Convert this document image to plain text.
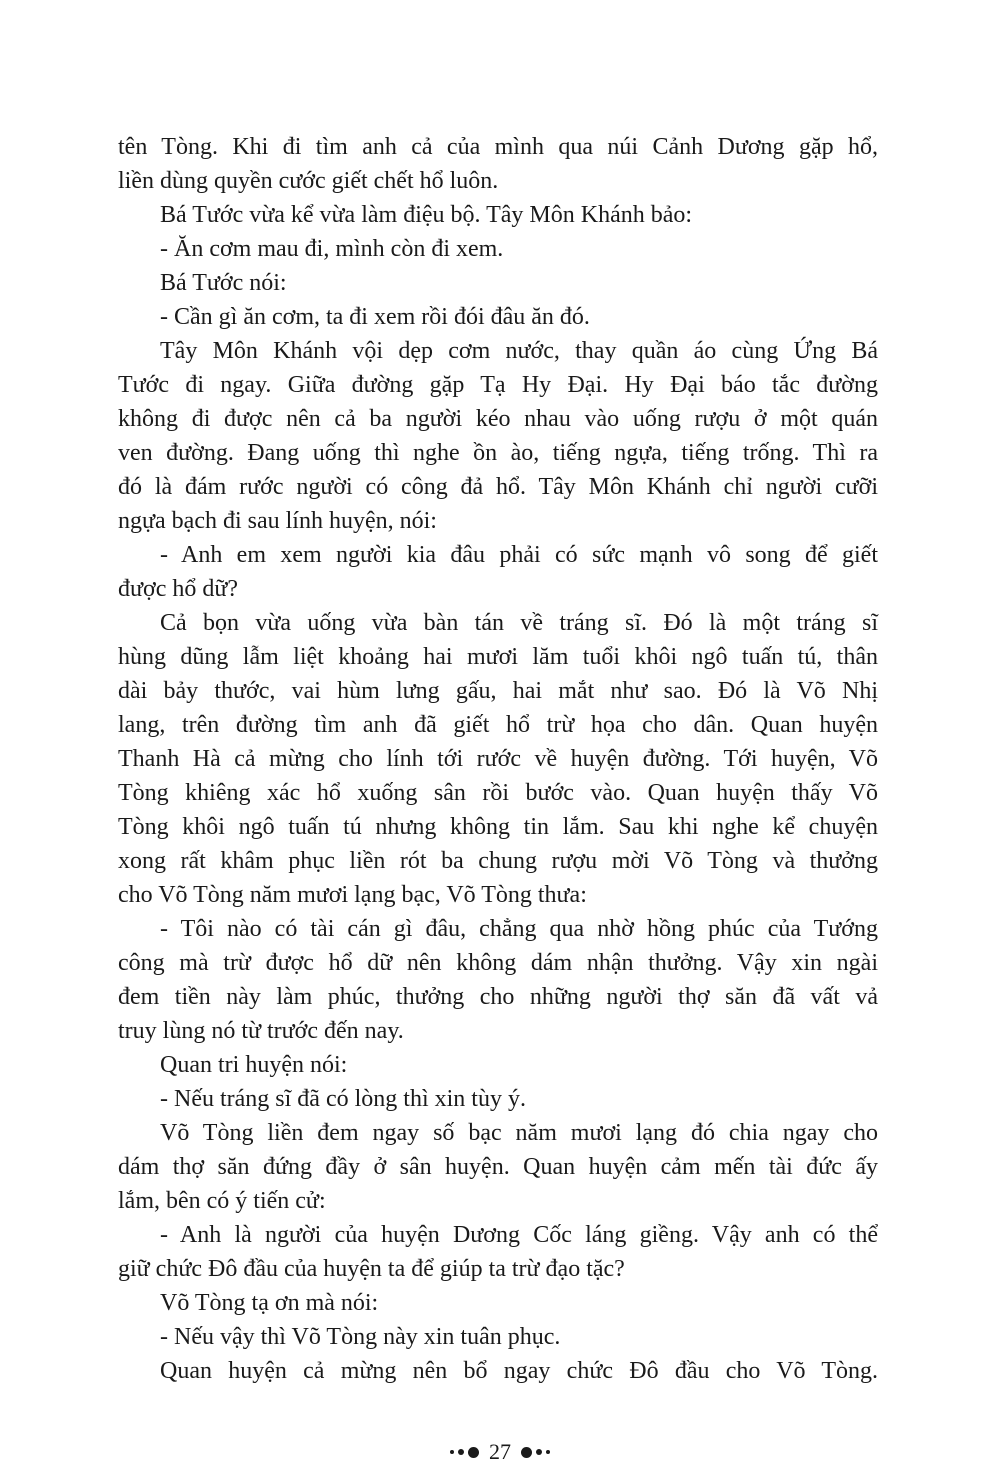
tên Tòng. Khi đi tìm anh cả của mình qua núi Cảnh Dương gặp hổ,
liền dùng quyền cước giết chết hổ luôn.
Bá Tước vừa kể vừa làm điệu bộ. Tây Môn Khánh bảo:
- Ăn cơm mau đi, mình còn đi xem.
Bá Tước nói:
- Cần gì ăn cơm, ta đi xem rồi đói đâu ăn đó.
Tây Môn Khánh vội dẹp cơm nước, thay quần áo cùng Ứng Bá
Tước đi ngay. Giữa đường gặp Tạ Hy Đại. Hy Đại báo tắc đường
không đi được nên cả ba người kéo nhau vào uống rượu ở một quán
ven đường. Đang uống thì nghe ồn ào, tiếng ngựa, tiếng trống. Thì ra
đó là đám rước người có công đả hổ. Tây Môn Khánh chỉ người cưỡi
ngựa bạch đi sau lính huyện, nói:
- Anh em xem người kia đâu phải có sức mạnh vô song để giết
được hổ dữ?
Cả bọn vừa uống vừa bàn tán về tráng sĩ. Đó là một tráng sĩ
hùng dũng lẫm liệt khoảng hai mươi lăm tuổi khôi ngô tuấn tú, thân
dài bảy thước, vai hùm lưng gấu, hai mắt như sao. Đó là Võ Nhị
lang, trên đường tìm anh đã giết hổ trừ họa cho dân. Quan huyện
Thanh Hà cả mừng cho lính tới rước về huyện đường. Tới huyện, Võ
Tòng khiêng xác hổ xuống sân rồi bước vào. Quan huyện thấy Võ
Tòng khôi ngô tuấn tú nhưng không tin lắm. Sau khi nghe kể chuyện
xong rất khâm phục liền rót ba chung rượu mời Võ Tòng và thưởng
cho Võ Tòng năm mươi lạng bạc, Võ Tòng thưa:
- Tôi nào có tài cán gì đâu, chẳng qua nhờ hồng phúc của Tướng
công mà trừ được hổ dữ nên không dám nhận thưởng. Vậy xin ngài
đem tiền này làm phúc, thưởng cho những người thợ săn đã vất vả
truy lùng nó từ trước đến nay.
Quan tri huyện nói:
- Nếu tráng sĩ đã có lòng thì xin tùy ý.
Võ Tòng liền đem ngay số bạc năm mươi lạng đó chia ngay cho
dám thợ săn đứng đầy ở sân huyện. Quan huyện cảm mến tài đức ấy
lắm, bên có ý tiến cử:
- Anh là người của huyện Dương Cốc láng giềng. Vậy anh có thể
giữ chức Đô đầu của huyện ta để giúp ta trừ đạo tặc?
Võ Tòng tạ ơn mà nói:
- Nếu vậy thì Võ Tòng này xin tuân phục.
Quan huyện cả mừng nên bổ ngay chức Đô đầu cho Võ Tòng.
27
